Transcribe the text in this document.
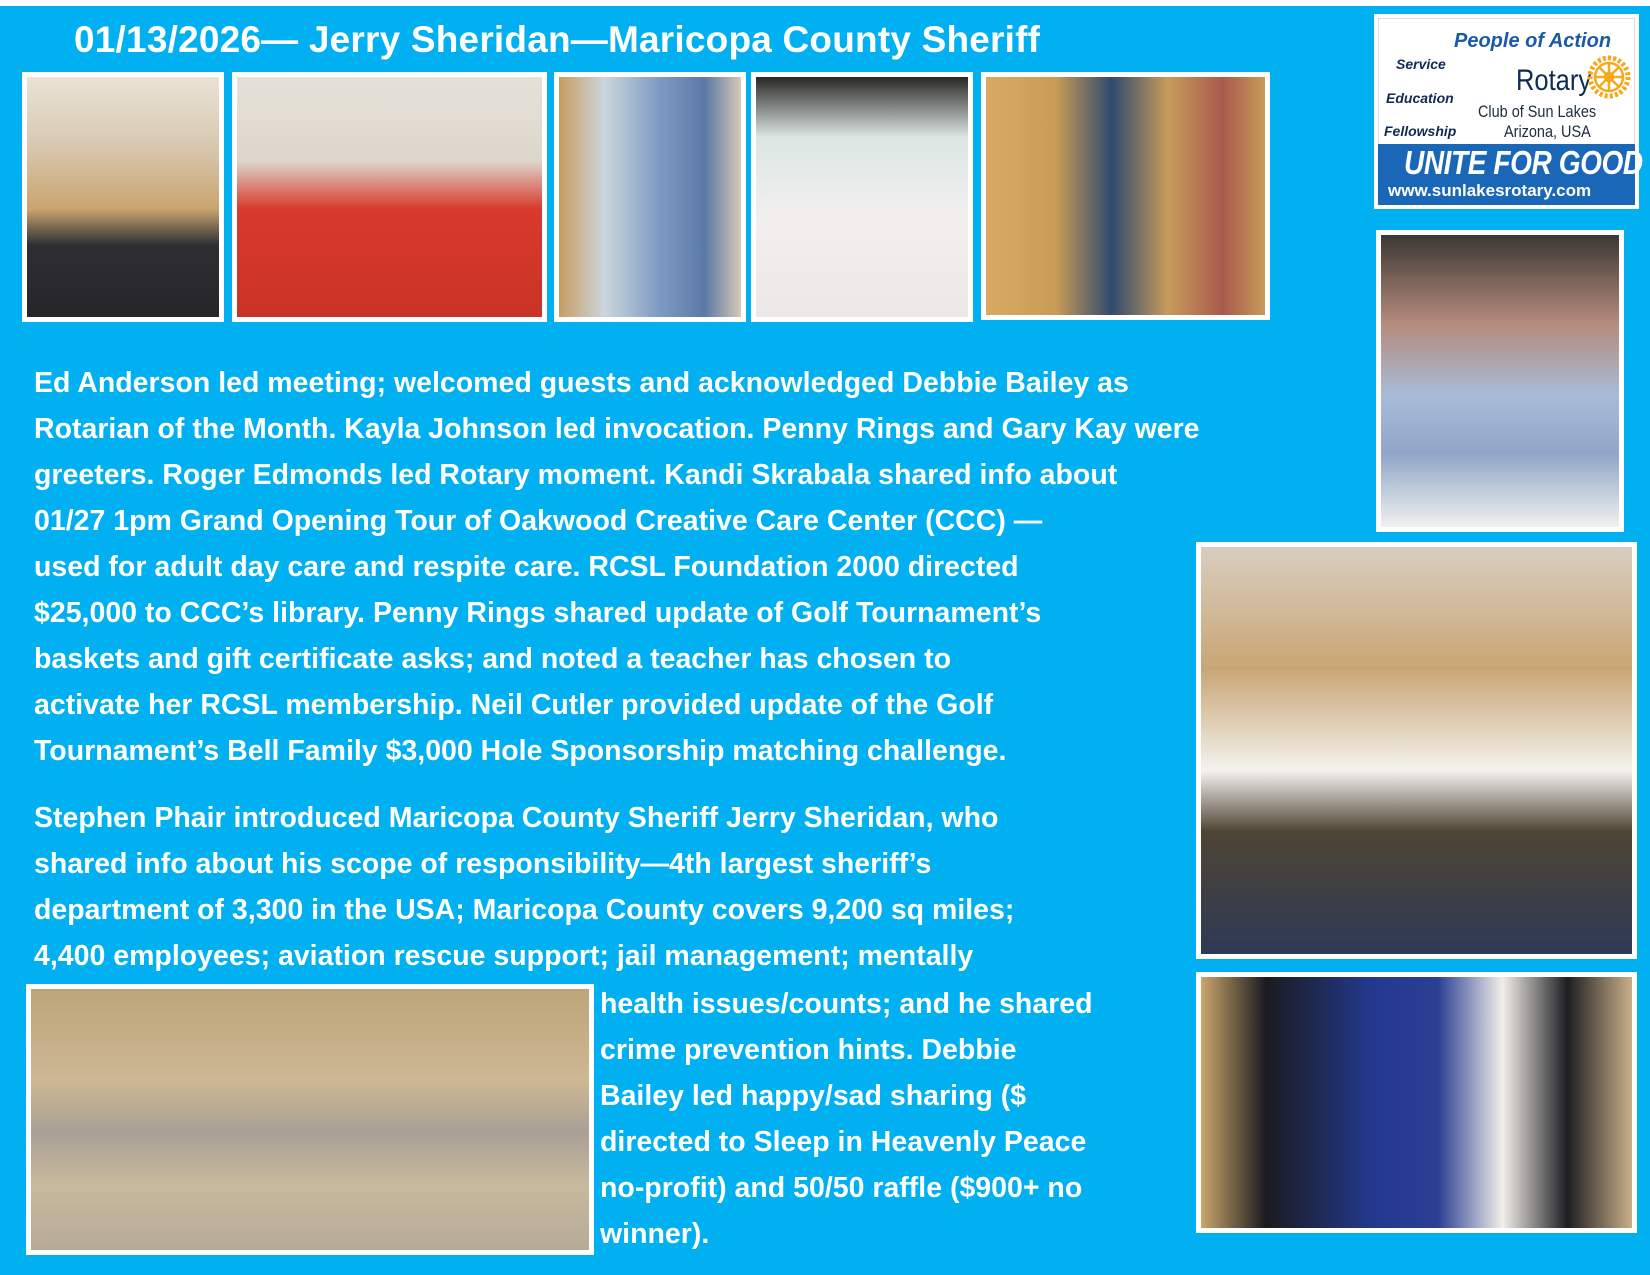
01/13/2026— Jerry Sheridan—Maricopa County Sheriff	People of Action
Service
Education
Fellowship
Rotary
Club of Sun Lakes
Arizona, USA
UNITE FOR GOOD
www.sunlakesrotary.com
Ed Anderson led meeting; welcomed guests and acknowledged Debbie Bailey as
Rotarian of the Month. Kayla Johnson led invocation. Penny Rings and Gary Kay were
greeters. Roger Edmonds led Rotary moment. Kandi Skrabala shared info about
01/27 1pm Grand Opening Tour of Oakwood Creative Care Center (CCC) —
used for adult day care and respite care. RCSL Foundation 2000 directed
$25,000 to CCC’s library. Penny Rings shared update of Golf Tournament’s
baskets and gift certificate asks; and noted a teacher has chosen to
activate her RCSL membership. Neil Cutler provided update of the Golf
Tournament’s Bell Family $3,000 Hole Sponsorship matching challenge.
Stephen Phair introduced Maricopa County Sheriff Jerry Sheridan, who
shared info about his scope of responsibility—4th largest sheriff’s
department of 3,300 in the USA; Maricopa County covers 9,200 sq miles;
4,400 employees; aviation rescue support; jail management; mentally
health issues/counts; and he shared
crime prevention hints. Debbie
Bailey led happy/sad sharing ($
directed to Sleep in Heavenly Peace
no-profit) and 50/50 raffle ($900+ no
winner).
